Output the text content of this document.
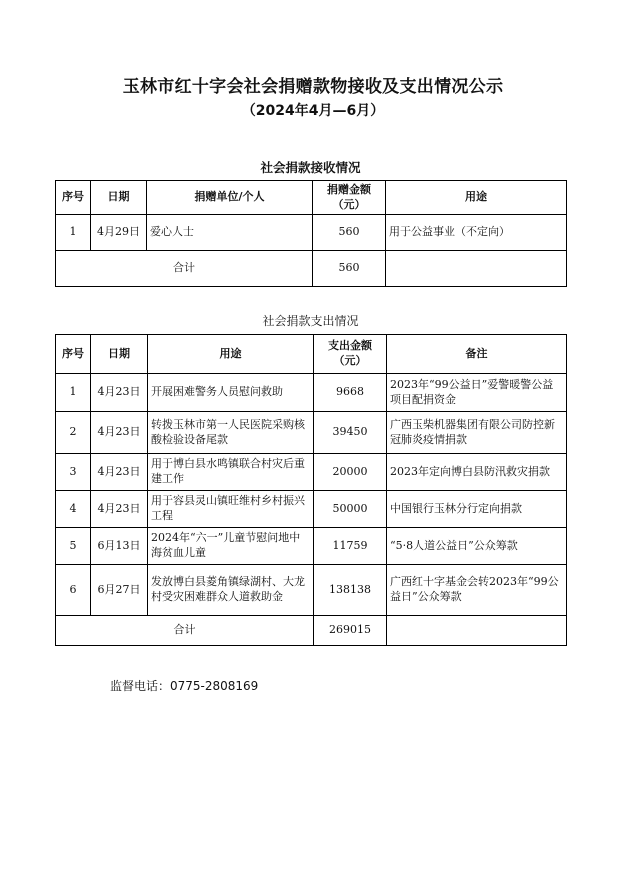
玉林市红十字会社会捐赠款物接收及支出情况公示
（2024年4月—6月）
社会捐款接收情况
序号	日期	捐赠单位/个人	捐赠金额（元）	用途
1	4月29日	爱心人士	560	用于公益事业（不定向）
合计			560	
社会捐款支出情况
序号	日期	用途	支出金额（元）	备注
1	4月23日	开展困难警务人员慰问救助	9668	2023年“99公益日”爱警暖警公益项目配捐资金
2	4月23日	转拨玉林市第一人民医院采购核酸检验设备尾款	39450	广西玉柴机器集团有限公司防控新冠肺炎疫情捐款
3	4月23日	用于博白县水鸣镇联合村灾后重建工作	20000	2023年定向博白县防汛救灾捐款
4	4月23日	用于容县灵山镇旺维村乡村振兴工程	50000	中国银行玉林分行定向捐款
5	6月13日	2024年“六一”儿童节慰问地中海贫血儿童	11759	“5·8人道公益日”公众筹款
6	6月27日	发放博白县菱角镇绿湖村、大龙村受灾困难群众人道救助金	138138	广西红十字基金会转2023年“99公益日”公众筹款
合计			269015	
监督电话：0775-2808169
